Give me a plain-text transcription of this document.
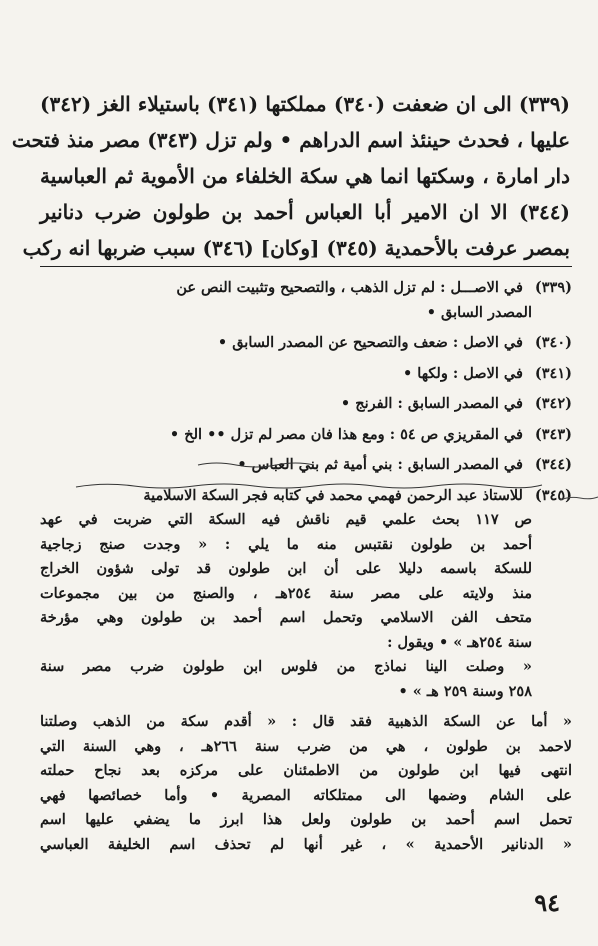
(٣٣٩) الى ان ضعفت (٣٤٠) مملكتها (٣٤١) باستيلاء الغز (٣٤٢)
عليها ، فحدث حينئذ اسم الدراهم • ولم تزل (٣٤٣) مصر منذ فتحت
دار امارة ، وسكتها انما هي سكة الخلفاء من الأموية ثم العباسية
(٣٤٤) الا ان الامير أبا العباس أحمد بن طولون ضرب دنانير
بمصر عرفت بالأحمدية (٣٤٥) [وكان] (٣٤٦) سبب ضربها انه ركب
(٣٣٩) في الاصـــل : لم تزل الذهب ، والتصحيح وتثبيت النص عن
المصدر السابق •
(٣٤٠) في الاصل : ضعف والتصحيح عن المصدر السابق •
(٣٤١) في الاصل : ولكها •
(٣٤٢) في المصدر السابق : الفرنج •
(٣٤٣) في المقريزي ص ٥٤ : ومع هذا فان مصر لم تزل •• الخ •
(٣٤٤) في المصدر السابق : بني أمية ثم بني العباس •
(٣٤٥) للاستاذ عبد الرحمن فهمي محمد في كتابه فجر السكة الاسلامية
ص ١١٧ بحث علمي قيم ناقش فيه السكة التي ضربت في عهد
أحمد بن طولون نقتبس منه ما يلي : « وجدت صنج زجاجية
للسكة باسمه دليلا على أن ابن طولون قد تولى شؤون الخراج
منذ ولايته على مصر سنة ٢٥٤هـ ، والصنج من بين مجموعات
متحف الفن الاسلامي وتحمل اسم أحمد بن طولون وهي مؤرخة
سنة ٢٥٤هـ » • ويقول :
« وصلت الينا نماذج من فلوس ابن طولون ضرب مصر سنة
٢٥٨ وسنة ٢٥٩ هـ » •
« أما عن السكة الذهبية فقد قال : « أقدم سكة من الذهب وصلتنا
لاحمد بن طولون ، هي من ضرب سنة ٢٦٦هـ ، وهي السنة التي
انتهى فيها ابن طولون من الاطمئنان على مركزه بعد نجاح حملته
على الشام وضمها الى ممتلكاته المصرية • وأما خصائصها فهي
تحمل اسم أحمد بن طولون ولعل هذا ابرز ما يضفي عليها اسم
« الدنانير الأحمدية » ، غير أنها لم تحذف اسم الخليفة العباسي
٩٤
